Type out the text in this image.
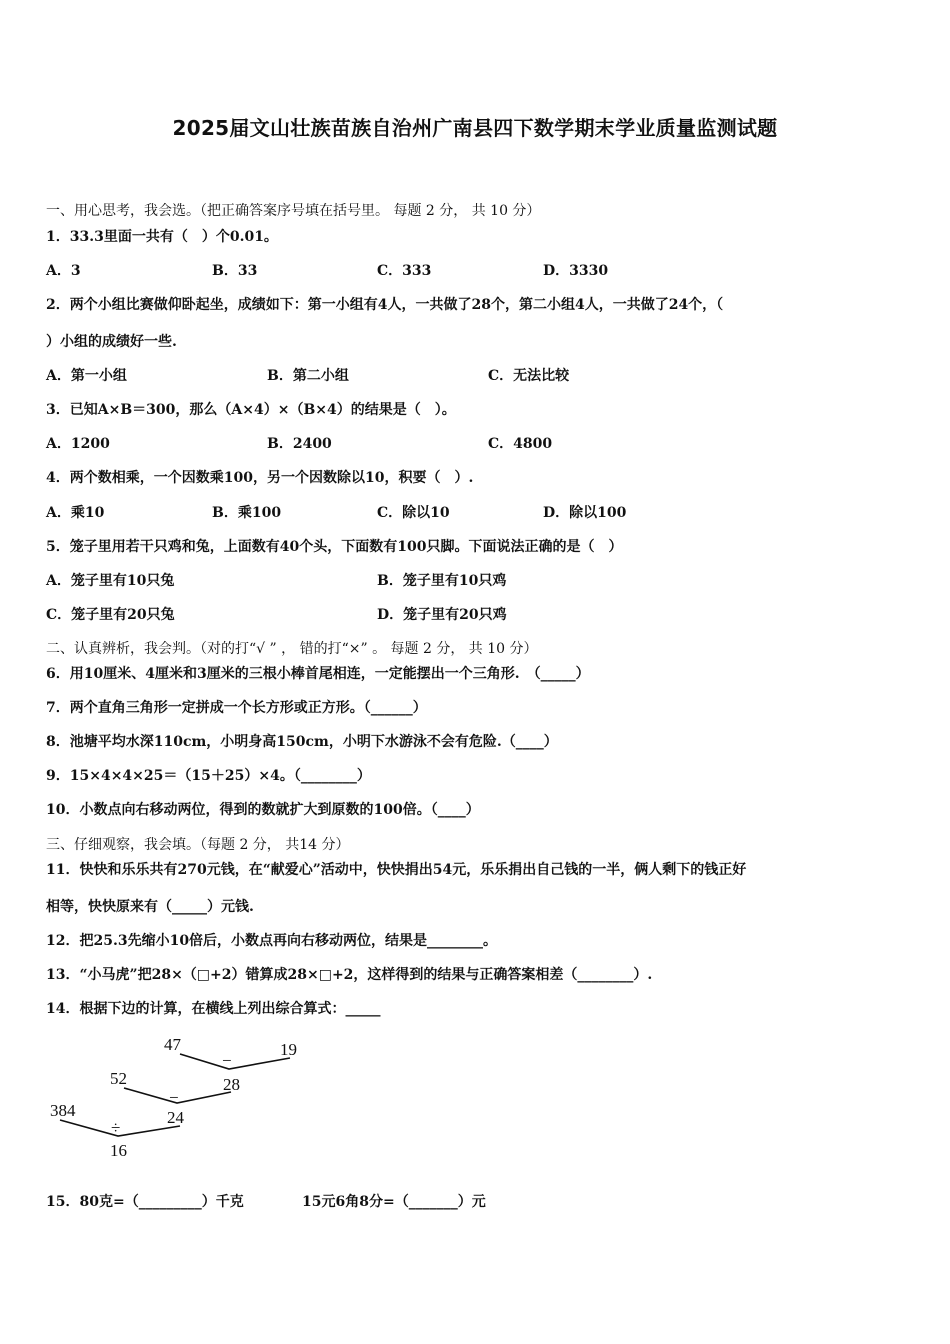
2025届文山壮族苗族自治州广南县四下数学期末学业质量监测试题
一、用心思考，我会选。（把正确答案序号填在括号里。 每题 2 分， 共 10 分）
1．33.3里面一共有（　）个0.01。
A．3	B．33	C．333	D．3330
2．两个小组比赛做仰卧起坐，成绩如下：第一小组有4人，一共做了28个，第二小组4人，一共做了24个，（
）小组的成绩好一些.
A．第一小组	B．第二小组	C．无法比较
3．已知A×B＝300，那么（A×4）×（B×4）的结果是（　）。
A．1200	B．2400	C．4800
4．两个数相乘，一个因数乘100，另一个因数除以10，积要（　）.
A．乘10	B．乘100	C．除以10	D．除以100
5．笼子里用若干只鸡和兔，上面数有40个头，下面数有100只脚。下面说法正确的是（　）
A．笼子里有10只兔	B．笼子里有10只鸡
C．笼子里有20只兔	D．笼子里有20只鸡
二、认真辨析，我会判。（对的打“√ ” ， 错的打“×” 。 每题 2 分， 共 10 分）
6．用10厘米、4厘米和3厘米的三根小棒首尾相连，一定能摆出一个三角形.　（_____）
7．两个直角三角形一定拼成一个长方形或正方形。（______）
8．池塘平均水深110cm，小明身高150cm，小明下水游泳不会有危险.（____）
9．15×4×4×25＝（15＋25）×4。（________）
10．小数点向右移动两位，得到的数就扩大到原数的100倍。（____）
三、仔细观察，我会填。（每题 2 分， 共14 分）
11．快快和乐乐共有270元钱，在“献爱心”活动中，快快捐出54元，乐乐捐出自己钱的一半，俩人剩下的钱正好
相等，快快原来有（_____）元钱.
12．把25.3先缩小10倍后，小数点再向右移动两位，结果是________。
13．“小马虎”把28×（□+2）错算成28×□+2，这样得到的结果与正确答案相差（________）.
14．根据下边的计算，在横线上列出综合算式：_____
47	19
−
28
52
−
24
384
÷
16
15．80克=（_________）千克	15元6角8分=（_______）元
